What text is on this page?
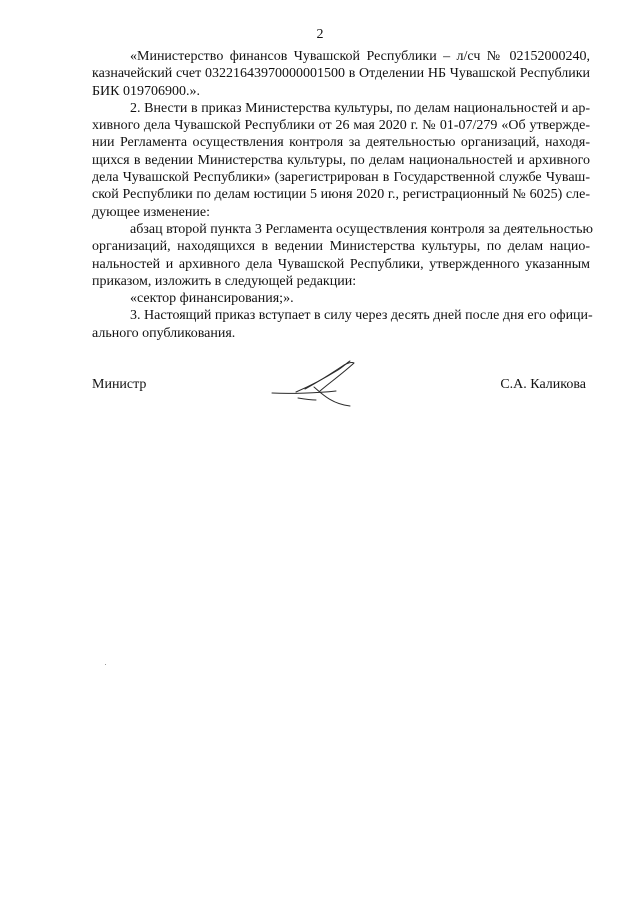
2

«Министерство финансов Чувашской Республики – л/сч № 02152000240,
казначейский счет 03221643970000001500 в Отделении НБ Чувашской Республики
БИК 019706900.».

2. Внести в приказ Министерства культуры, по делам национальностей и ар-
хивного дела Чувашской Республики от 26 мая 2020 г. № 01-07/279 «Об утвержде-
нии Регламента осуществления контроля за деятельностью организаций, находя-
щихся в ведении Министерства культуры, по делам национальностей и архивного
дела Чувашской Республики» (зарегистрирован в Государственной службе Чуваш-
ской Республики по делам юстиции 5 июня 2020 г., регистрационный № 6025) сле-
дующее изменение:

абзац второй пункта 3 Регламента осуществления контроля за деятельностью
организаций, находящихся в ведении Министерства культуры, по делам нацио-
нальностей и архивного дела Чувашской Республики, утвержденного указанным
приказом, изложить в следующей редакции:

«сектор финансирования;».

3. Настоящий приказ вступает в силу через десять дней после дня его офици-
ального опубликования.

Министр	С.А. Каликова
